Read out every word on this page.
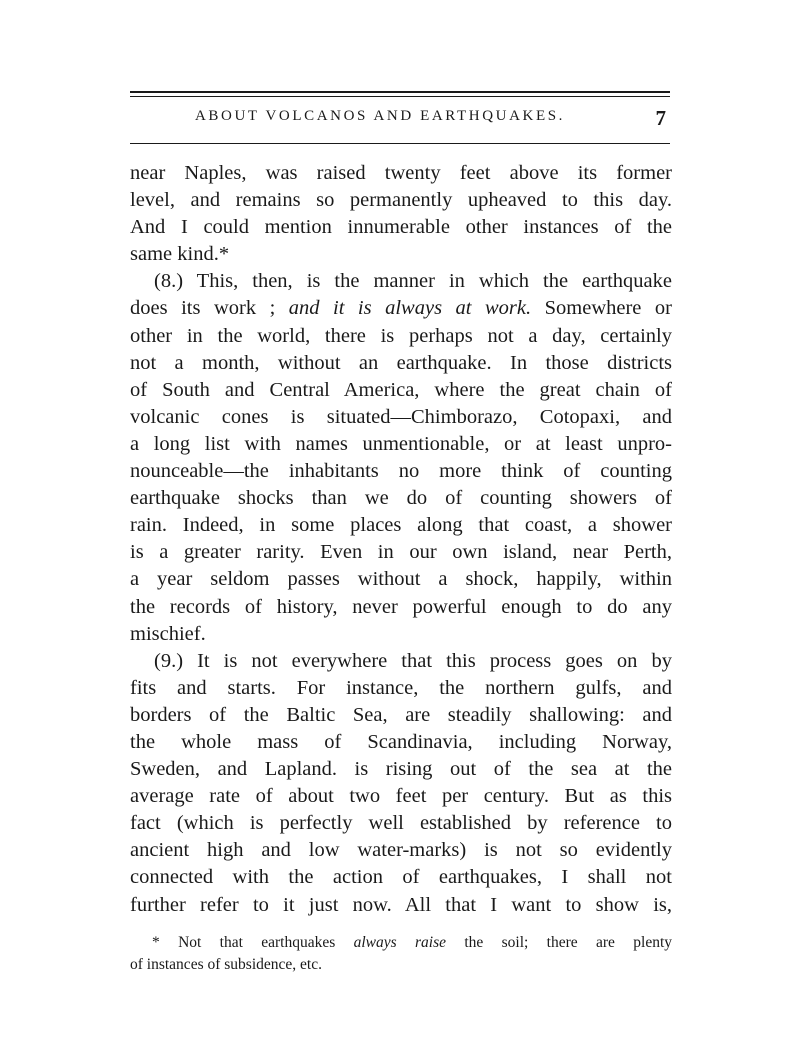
ABOUT VOLCANOS AND EARTHQUAKES.	7
near Naples, was raised twenty feet above its former
level, and remains so permanently upheaved to this day.
And I could mention innumerable other instances of the
same kind.*
(8.) This, then, is the manner in which the earthquake
does its work ; and it is always at work. Somewhere or
other in the world, there is perhaps not a day, certainly
not a month, without an earthquake. In those districts
of South and Central America, where the great chain of
volcanic cones is situated—Chimborazo, Cotopaxi, and
a long list with names unmentionable, or at least unpro-
nounceable—the inhabitants no more think of counting
earthquake shocks than we do of counting showers of
rain. Indeed, in some places along that coast, a shower
is a greater rarity. Even in our own island, near Perth,
a year seldom passes without a shock, happily, within
the records of history, never powerful enough to do any
mischief.
(9.) It is not everywhere that this process goes on by
fits and starts. For instance, the northern gulfs, and
borders of the Baltic Sea, are steadily shallowing: and
the whole mass of Scandinavia, including Norway,
Sweden, and Lapland. is rising out of the sea at the
average rate of about two feet per century. But as this
fact (which is perfectly well established by reference to
ancient high and low water-marks) is not so evidently
connected with the action of earthquakes, I shall not
further refer to it just now. All that I want to show is,
* Not that earthquakes always raise the soil; there are plenty
of instances of subsidence, etc.
